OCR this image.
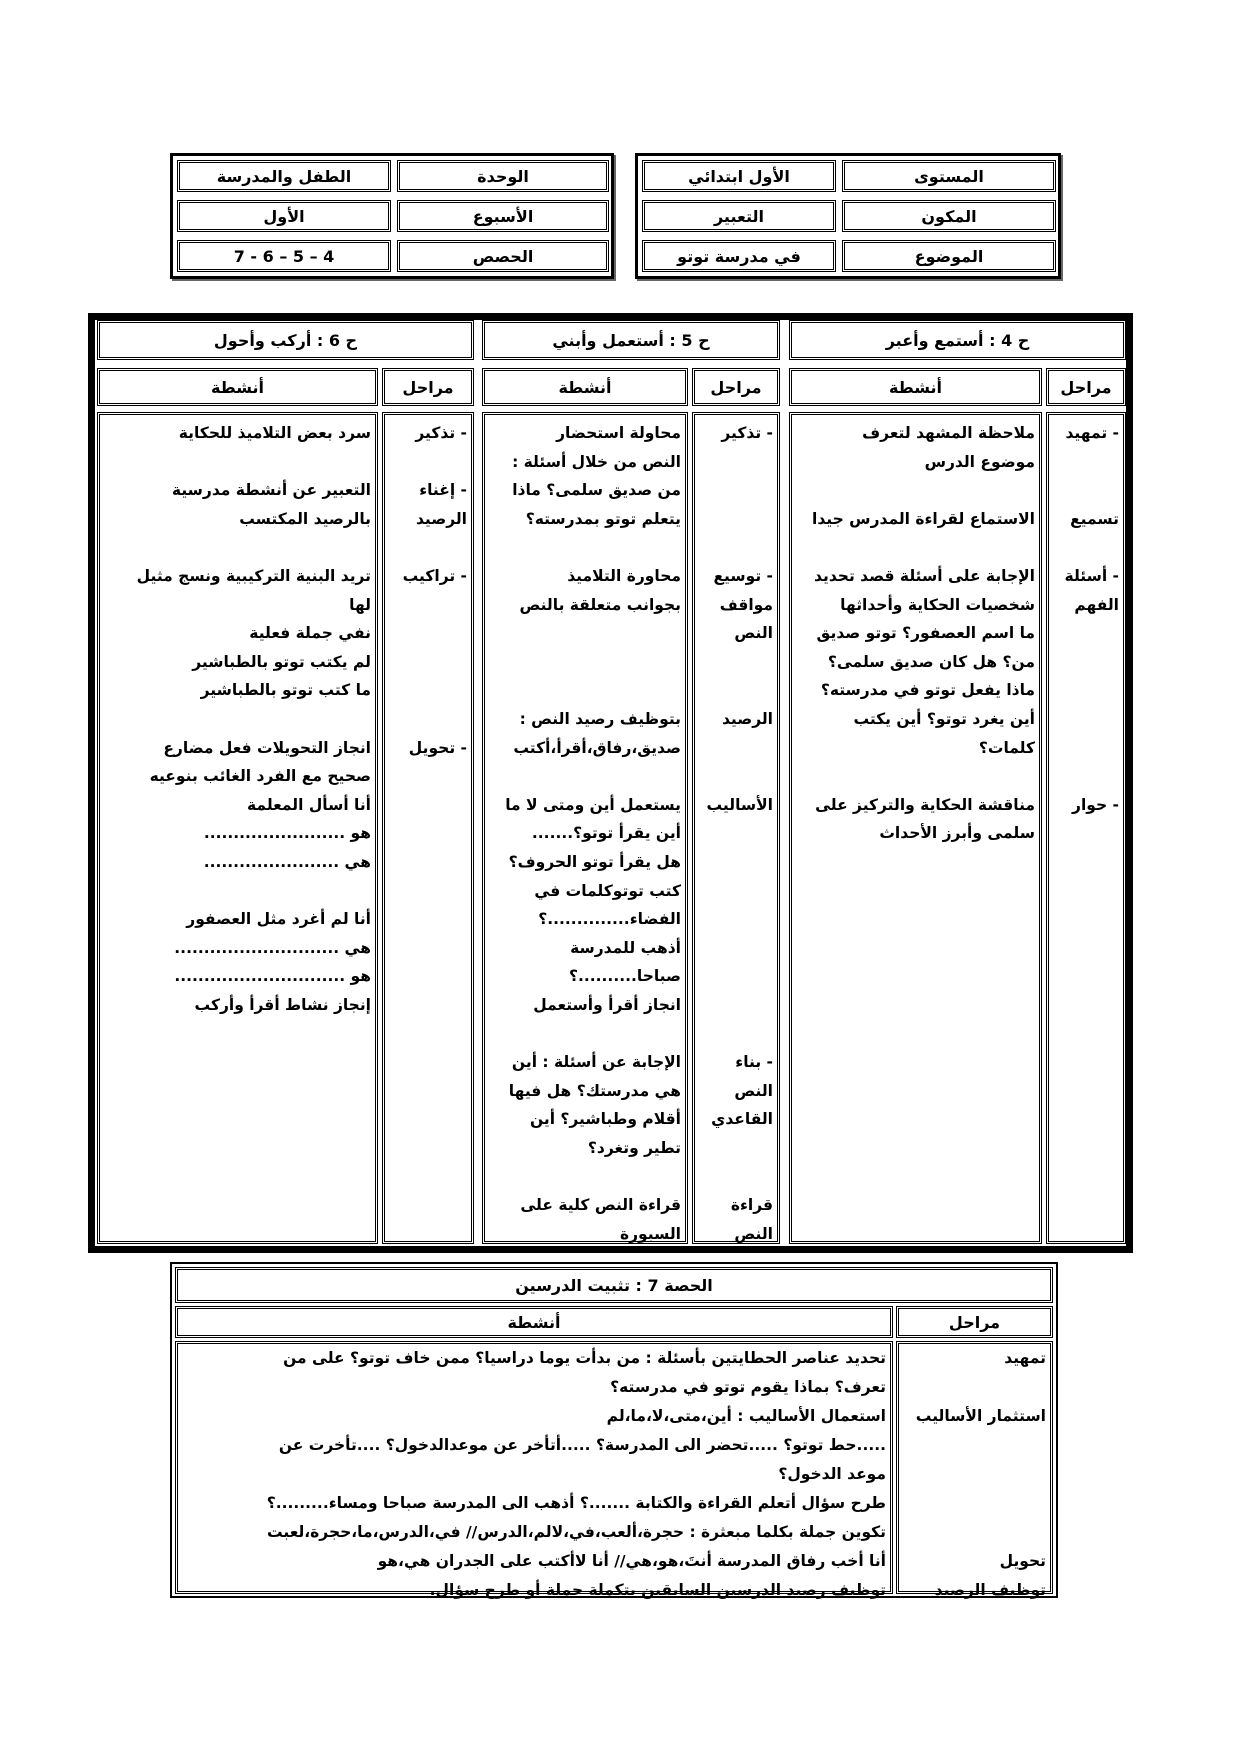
الوحدة
الطفل والمدرسة
الأسبوع
الأول
الحصص
7 - 6 – 5 – 4
المستوى
الأول ابتدائي
المكون
التعبير
الموضوع
في مدرسة توتو
ح 4 : أستمع وأعبر
مراحل
أنشطة
- تمهيد

تسميع

- أسئلة
الفهم

- حوار
ملاحظة المشهد لتعرف
موضوع الدرس

الاستماع لقراءة المدرس جيدا

الإجابة على أسئلة قصد تحديد
شخصيات الحكاية وأحداثها
ما اسم العصفور؟ توتو صديق
من؟ هل كان صديق سلمى؟
ماذا يفعل توتو في مدرسته؟
أين يغرد توتو؟ أين يكتب
كلمات؟

مناقشة الحكاية والتركيز على
سلمى وأبرز الأحداث
ح 5 : أستعمل وأبني
مراحل
أنشطة
- تذكير

- توسيع
مواقف
النص

الرصيد

الأساليب

- بناء
النص
القاعدي

قراءة
النص
محاولة استحضار
النص من خلال أسئلة :
من صديق سلمى؟ ماذا
يتعلم توتو بمدرسته؟

محاورة التلاميذ
بجوانب متعلقة بالنص

بتوظيف رصيد النص :
صديق،رفاق،أقرأ،أكتب

يستعمل أين ومتى لا ما
أين يقرأ توتو؟.......
هل يقرأ توتو الحروف؟
كتب توتوكلمات في
الفضاء..............؟
أذهب للمدرسة
صباحا..........؟
انجاز أقرأ وأستعمل

الإجابة عن أسئلة : أين
هي مدرستك؟ هل فيها
أقلام وطباشير؟ أين
تطير وتغرد؟

قراءة النص كلية على
السبورة
ح 6 : أركب وأحول
مراحل
أنشطة
- تذكير

- إغناء
الرصيد

- تراكيب

- تحويل
سرد بعض التلاميذ للحكاية

التعبير عن أنشطة مدرسية
بالرصيد المكتسب

تريد البنية التركيبية ونسج مثيل
لها
نفي جملة فعلية
لم يكتب توتو بالطباشير
ما كتب توتو بالطباشير

انجاز التحويلات فعل مضارع
صحيح مع الفرد الغائب بنوعيه
أنا أسأل المعلمة
هو ........................
هي .......................

أنا لم أغرد مثل العصفور
هي ............................
هو .............................
إنجاز نشاط أقرأ وأركب
الحصة 7 : تثبيت الدرسين
مراحل
أنشطة
تمهيد

استثمار الأساليب

تحويل
توظيف الرصيد
تحديد عناصر الحطايتين بأسئلة : من بدأت يوما دراسيا؟ ممن خاف توتو؟ على من
تعرف؟ بماذا يقوم توتو في مدرسته؟
استعمال الأساليب : أين،متى،لا،ما،لم
.....حط توتو؟ .....تحضر الى المدرسة؟ .....أتأخر عن موعدالدخول؟ ....تأخرت عن
موعد الدخول؟
طرح سؤال أتعلم القراءة والكتابة .......؟ أذهب الى المدرسة صباحا ومساء.........؟
تكوين جملة بكلما مبعثرة : حجرة،ألعب،في،لالم،الدرس// في،الدرس،ما،حجرة،لعبت
أنا أخب رفاق المدرسة أنتَ،هو،هي// أنا لاأكتب على الجدران هي،هو
توظيف رصيد الدرسين السابقين بتكملة جملة أو طرح سؤال.
